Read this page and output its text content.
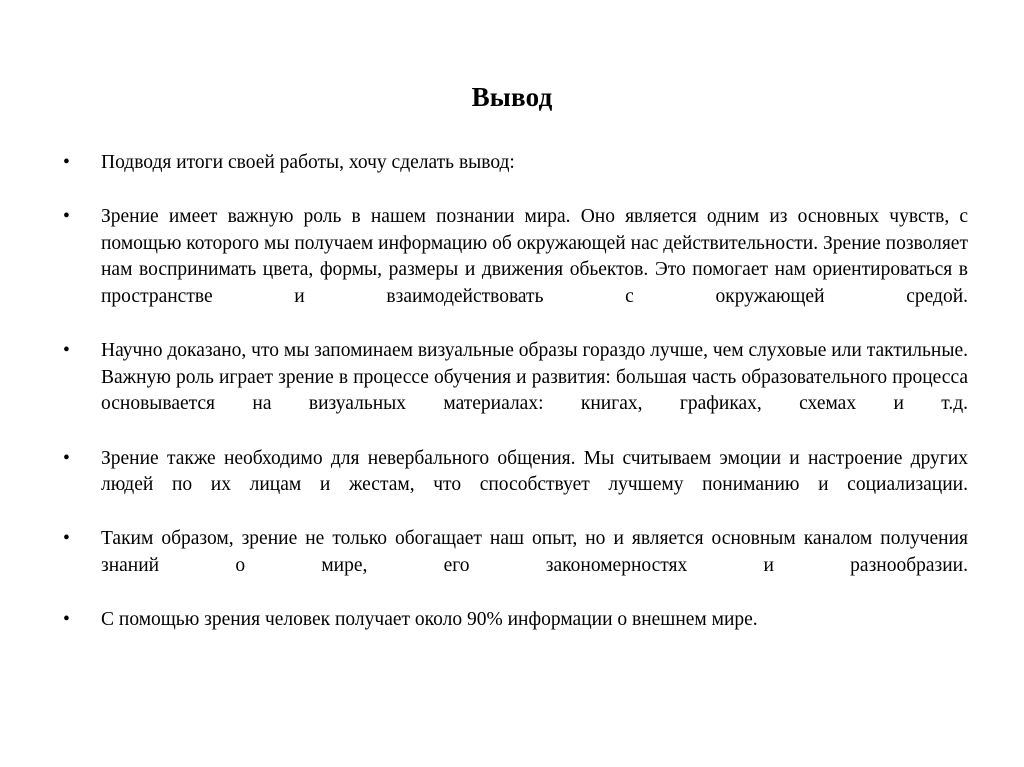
Вывод
•	Подводя итоги своей работы, хочу сделать вывод:
•	Зрение имеет важную роль в нашем познании мира. Оно является одним из основных чувств, с помощью которого мы получаем информацию об окружающей нас действительности. Зрение позволяет нам воспринимать цвета, формы, размеры и движения обьектов. Это помогает нам ориентироваться в пространстве и взаимодействовать с окружающей средой.
•	Научно доказано, что мы запоминаем визуальные образы гораздо лучше, чем слуховые или тактильные. Важную роль играет зрение в процессе обучения и развития: большая часть образовательного процесса основывается на визуальных материалах: книгах, графиках, схемах и т.д.
•	Зрение также необходимо для невербального общения. Мы считываем эмоции и настроение других людей по их лицам и жестам, что способствует лучшему пониманию и социализации.
•	Таким образом, зрение не только обогащает наш опыт, но и является основным каналом получения знаний о мире, его закономерностях и разнообразии.
•	С помощью зрения человек получает около 90% информации о внешнем мире.
